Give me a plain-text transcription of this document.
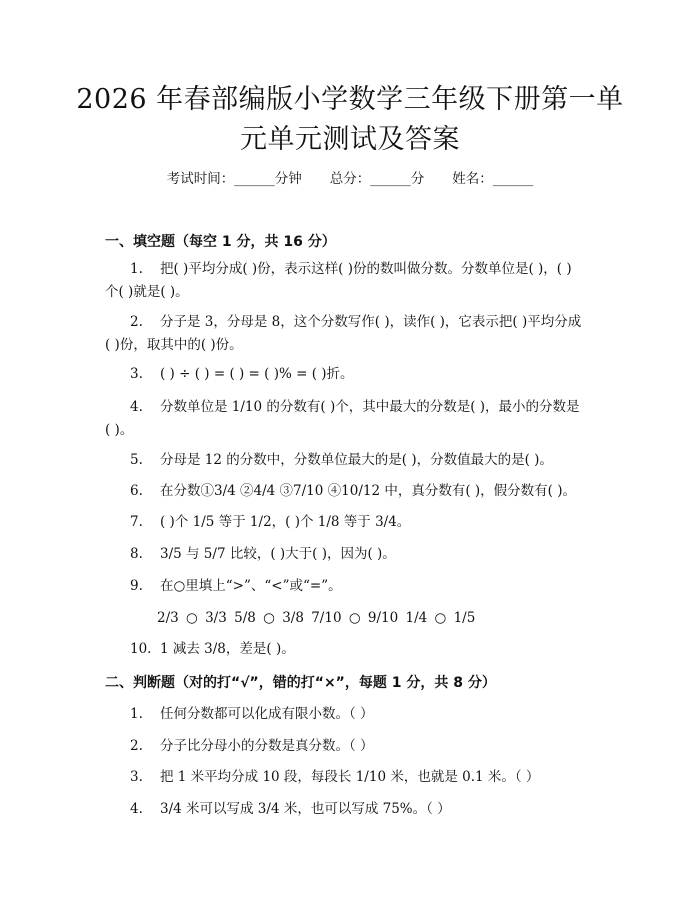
2026 年春部编版小学数学三年级下册第一单
元单元测试及答案
考试时间：______分钟 总分：______分 姓名：______
一、填空题（每空 1 分，共 16 分）
1. 把( )平均分成( )份，表示这样( )份的数叫做分数。分数单位是( )，( )
个( )就是( )。
2. 分子是 3，分母是 8，这个分数写作( )，读作( )，它表示把( )平均分成
( )份，取其中的( )份。
3. ( ) ÷ ( ) = ( ) = ( )% = ( )折。
4. 分数单位是 1/10 的分数有( )个，其中最大的分数是( )，最小的分数是
( )。
5. 分母是 12 的分数中，分数单位最大的是( )，分数值最大的是( )。
6. 在分数①3/4 ②4/4 ③7/10 ④10/12 中，真分数有( )，假分数有( )。
7. ( )个 1/5 等于 1/2，( )个 1/8 等于 3/4。
8. 3/5 与 5/7 比较，( )大于( )，因为( )。
9. 在○里填上“>”、“<”或“=”。
2/3 ○ 3/3 5/8 ○ 3/8 7/10 ○ 9/10 1/4 ○ 1/5
10. 1 减去 3/8，差是( )。
二、判断题（对的打“√”，错的打“×”，每题 1 分，共 8 分）
1. 任何分数都可以化成有限小数。（ ）
2. 分子比分母小的分数是真分数。（ ）
3. 把 1 米平均分成 10 段，每段长 1/10 米，也就是 0.1 米。（ ）
4. 3/4 米可以写成 3/4 米，也可以写成 75%。（ ）
